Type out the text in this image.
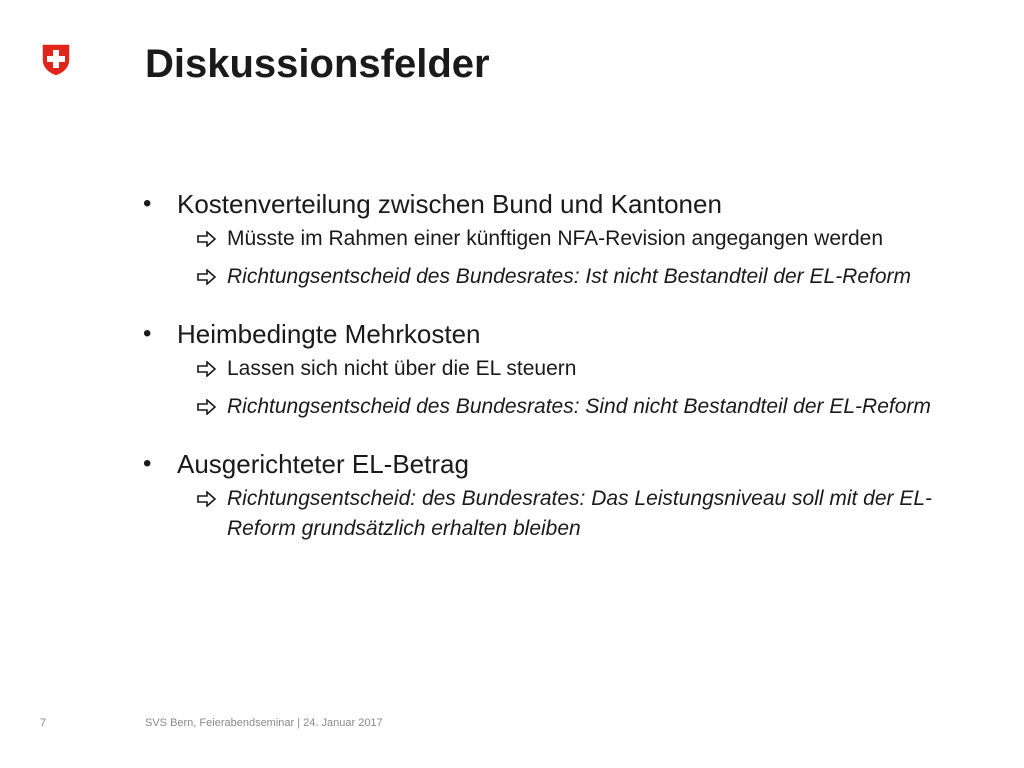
Diskussionsfelder
• Kostenverteilung zwischen Bund und Kantonen
Müsste im Rahmen einer künftigen NFA-Revision angegangen werden
Richtungsentscheid des Bundesrates: Ist nicht Bestandteil der EL-Reform
• Heimbedingte Mehrkosten
Lassen sich nicht über die EL steuern
Richtungsentscheid des Bundesrates: Sind nicht Bestandteil der EL-Reform
• Ausgerichteter EL-Betrag
Richtungsentscheid: des Bundesrates: Das Leistungsniveau soll mit der EL-Reform grundsätzlich erhalten bleiben
7	SVS Bern, Feierabendseminar | 24. Januar 2017
